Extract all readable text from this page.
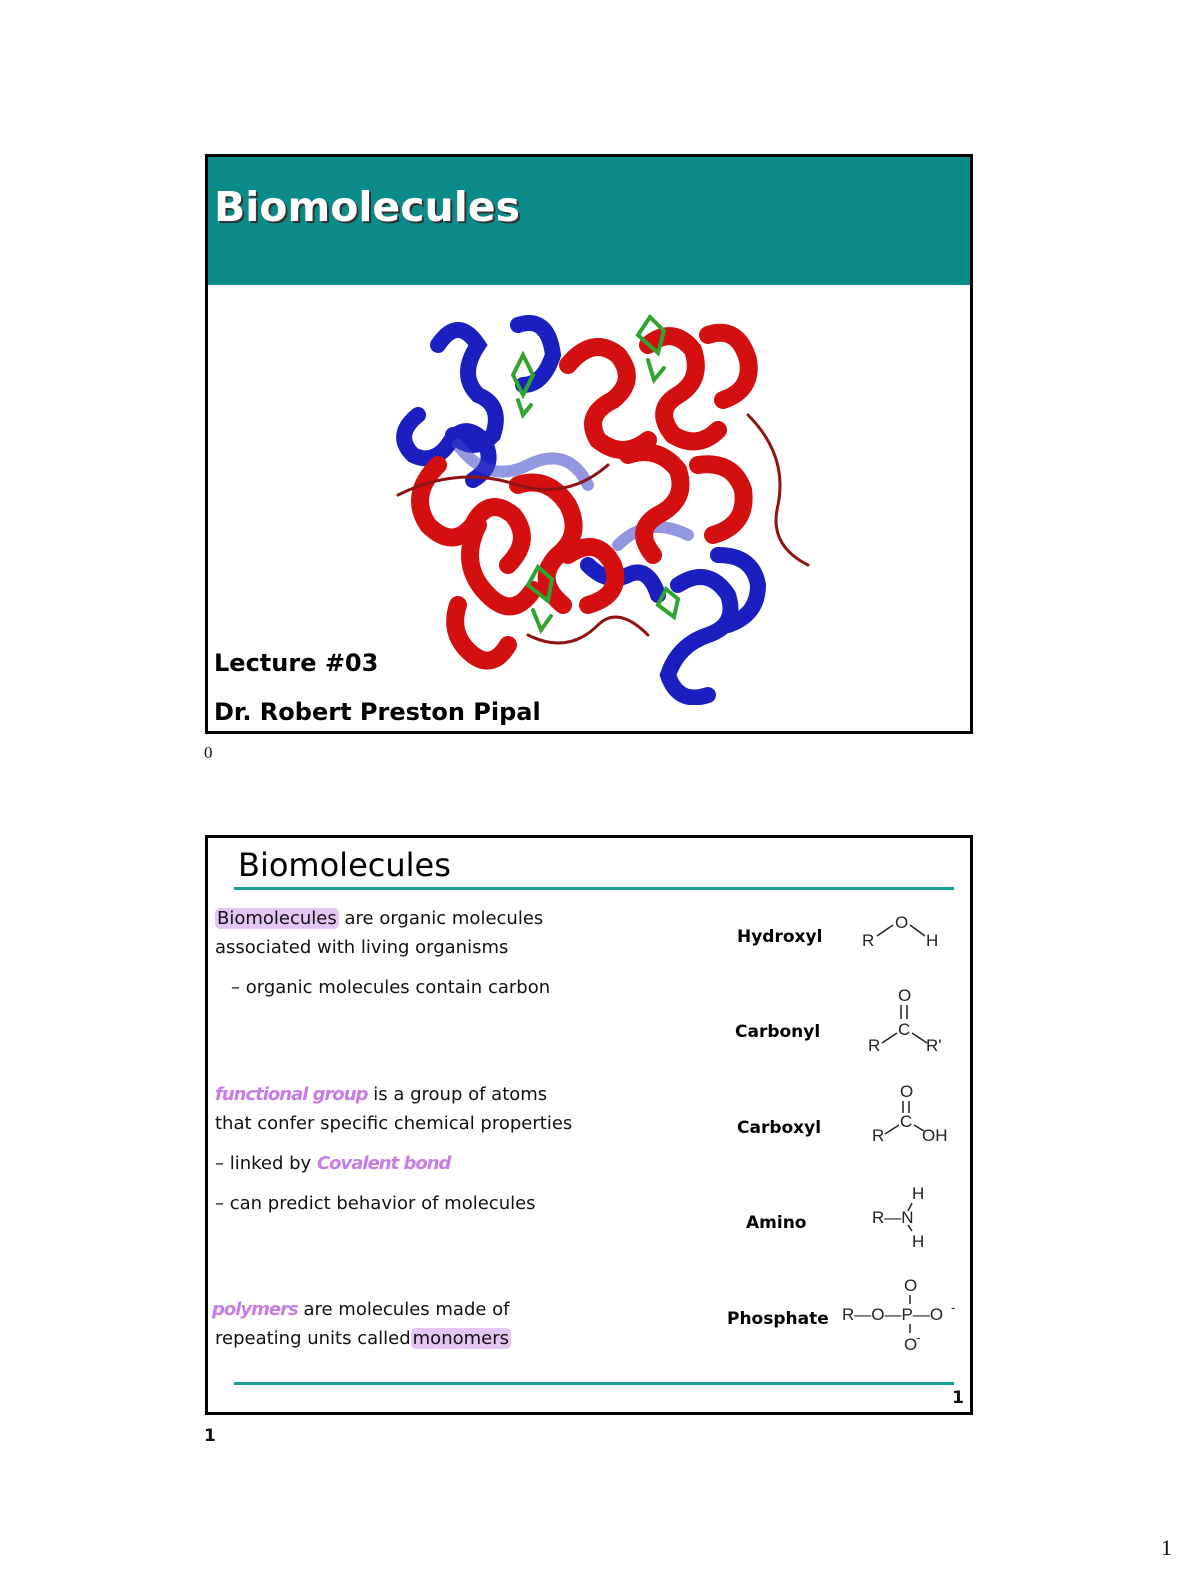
Biomolecules
Lecture #03
Dr. Robert Preston Pipal
0
Biomolecules
Biomolecules are organic molecules
associated with living organisms
– organic molecules contain carbon
functional group is a group of atoms
that confer specific chemical properties
– linked by Covalent bond
– can predict behavior of molecules
polymers are molecules made of
repeating units called monomers
Hydroxyl
Carbonyl
Carboxyl
Amino
Phosphate
R
O
H
O
C
R	R'
O
C
R OH
H
R—N
H
O
R—O—P—O -
O
-
1
1
1
